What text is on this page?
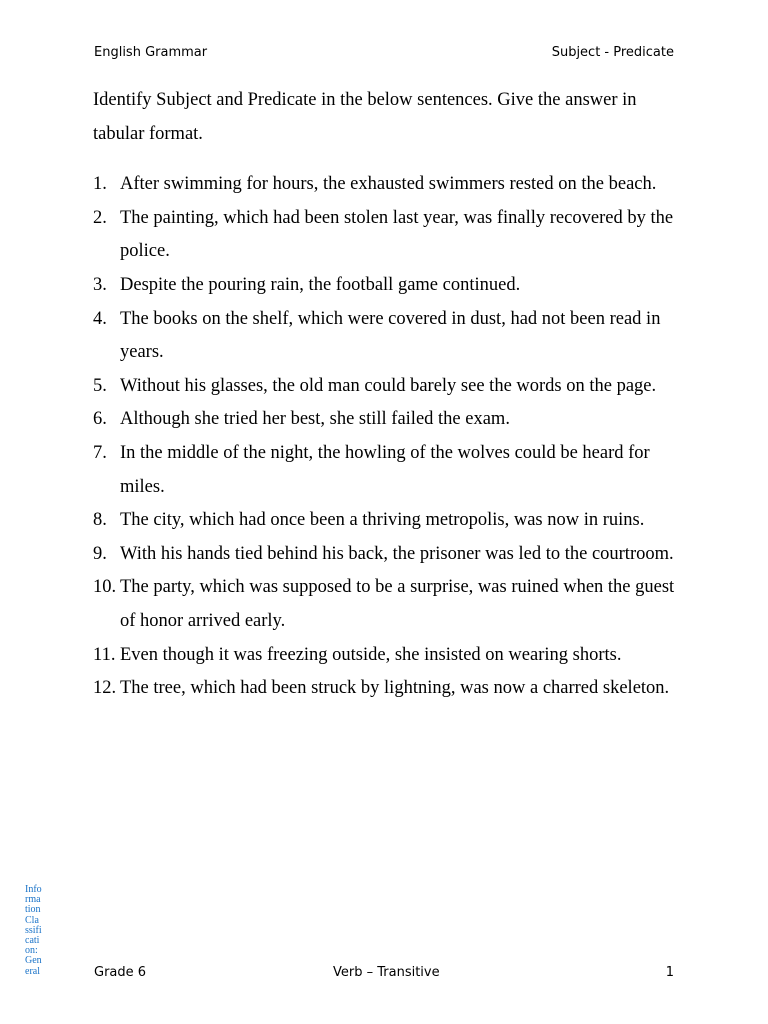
English Grammar	Subject - Predicate

Identify Subject and Predicate in the below sentences. Give the answer in tabular format.

1. After swimming for hours, the exhausted swimmers rested on the beach.
2. The painting, which had been stolen last year, was finally recovered by the police.
3. Despite the pouring rain, the football game continued.
4. The books on the shelf, which were covered in dust, had not been read in years.
5. Without his glasses, the old man could barely see the words on the page.
6. Although she tried her best, she still failed the exam.
7. In the middle of the night, the howling of the wolves could be heard for miles.
8. The city, which had once been a thriving metropolis, was now in ruins.
9. With his hands tied behind his back, the prisoner was led to the courtroom.
10. The party, which was supposed to be a surprise, was ruined when the guest of honor arrived early.
11. Even though it was freezing outside, she insisted on wearing shorts.
12. The tree, which had been struck by lightning, was now a charred skeleton.
Info
rma
tion
Cla
ssifi
cati
on:
Gen
eral	Grade 6	Verb – Transitive	1
